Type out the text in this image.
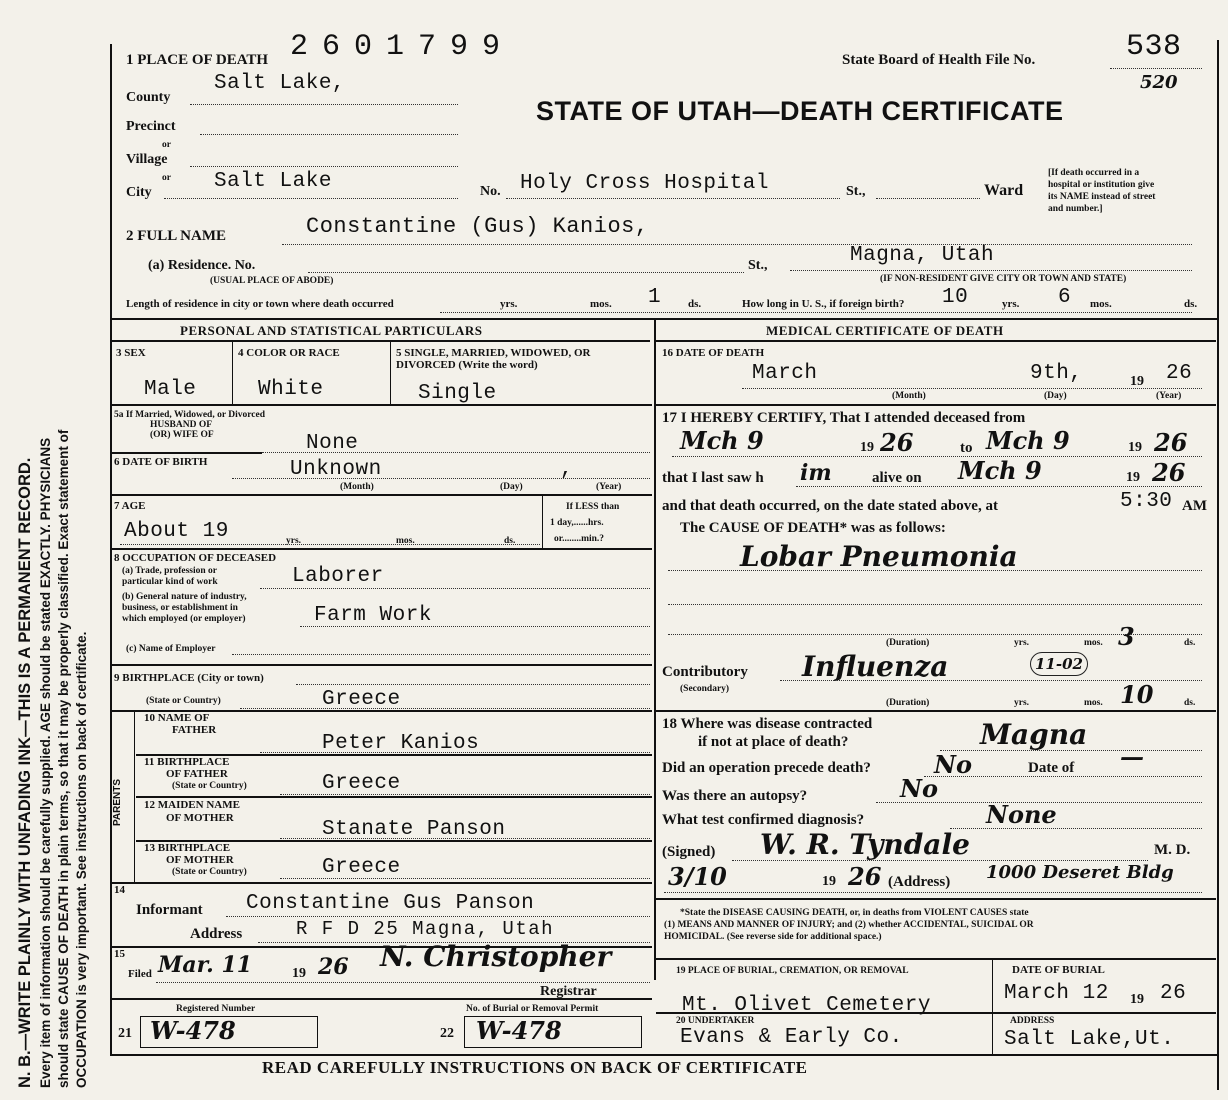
N. B.—WRITE PLAINLY WITH UNFADING INK—THIS IS A PERMANENT RECORD. Every item of information should be carefully supplied. AGE should be stated EXACTLY. PHYSICIANS should state CAUSE OF DEATH in plain terms, so that it may be properly classified. Exact statement of OCCUPATION is very important. See instructions on back of certificate.
1 PLACE OF DEATH 2601799	State Board of Health File No.	538
520
STATE OF UTAH—DEATH CERTIFICATE
County
Salt Lake,
Precinct
or
Village
or
City	Salt Lake	No. Holy Cross Hospital	St.,	Ward
[If death occurred in a
hospital or institution give
its NAME instead of street
and number.]
2 FULL NAME	Constantine (Gus) Kanios,
(a) Residence. No.
(USUAL PLACE OF ABODE)
St.,	Magna, Utah
(IF NON-RESIDENT GIVE CITY OR TOWN AND STATE)
Length of residence in city or town where death occurred	yrs.	mos. 1 ds.	How long in U. S., if foreign birth? 10	yrs. 6 mos.	ds.
PERSONAL AND STATISTICAL PARTICULARS	MEDICAL CERTIFICATE OF DEATH
3 SEX
Male
4 COLOR OR RACE
White
5 SINGLE, MARRIED, WIDOWED, OR DIVORCED (Write the word)
Single
5a If Married, Widowed, or Divorced
HUSBAND OF
(OR) WIFE OF	None
6 DATE OF BIRTH	Unknown	,
(Month)	(Day)	(Year)
7 AGE
About 19	yrs.	mos.	ds.
If LESS than
1 day,......hrs.
or........min.?
8 OCCUPATION OF DECEASED
(a) Trade, profession or
particular kind of work	Laborer
(b) General nature of industry,
business, or establishment in
which employed (or employer)	Farm Work
(c) Name of Employer
9 BIRTHPLACE (City or town)
(State or Country)	Greece
PARENTS
10 NAME OF
FATHER
Peter Kanios
11 BIRTHPLACE
OF FATHER
(State or Country)	Greece
12 MAIDEN NAME
OF MOTHER	Stanate Panson
13 BIRTHPLACE
OF MOTHER
(State or Country)	Greece
14
Informant Constantine Gus Panson
Address	R F D 25 Magna, Utah
15
Filed Mar. 11	19 26 N. Christopher
Registrar
Registered Number
21 W-478
No. of Burial or Removal Permit
22 W-478
16 DATE OF DEATH
March	9th,	19 26
(Month)	(Day)	(Year)
17 I HEREBY CERTIFY, That I attended deceased from
Mch 9	19 26	to Mch 9	19 26
that I last saw h im	alive on Mch 9	19 26
and that death occurred, on the date stated above, at	5:30 AM
The CAUSE OF DEATH* was as follows:
Lobar Pneumonia
(Duration)	yrs.	mos. 3	ds.
Contributory
(Secondary)
Influenza	11-02
(Duration)	yrs.	mos. 10	ds.
18 Where was disease contracted
if not at place of death?	Magna
Did an operation precede death?	No	Date of —
Was there an autopsy?	No
What test confirmed diagnosis?	None
(Signed) W. R. Tyndale	M. D.
3/10	19 26 (Address) 1000 Deseret Bldg
*State the DISEASE CAUSING DEATH, or, in deaths from VIOLENT CAUSES state
(1) MEANS AND MANNER OF INJURY; and (2) whether ACCIDENTAL, SUICIDAL OR
HOMICIDAL. (See reverse side for additional space.)
19 PLACE OF BURIAL, CREMATION, OR REMOVAL
Mt. Olivet Cemetery
DATE OF BURIAL
March 12 19 26
20 UNDERTAKER
Evans & Early Co.
ADDRESS
Salt Lake,Ut.
READ CAREFULLY INSTRUCTIONS ON BACK OF CERTIFICATE
